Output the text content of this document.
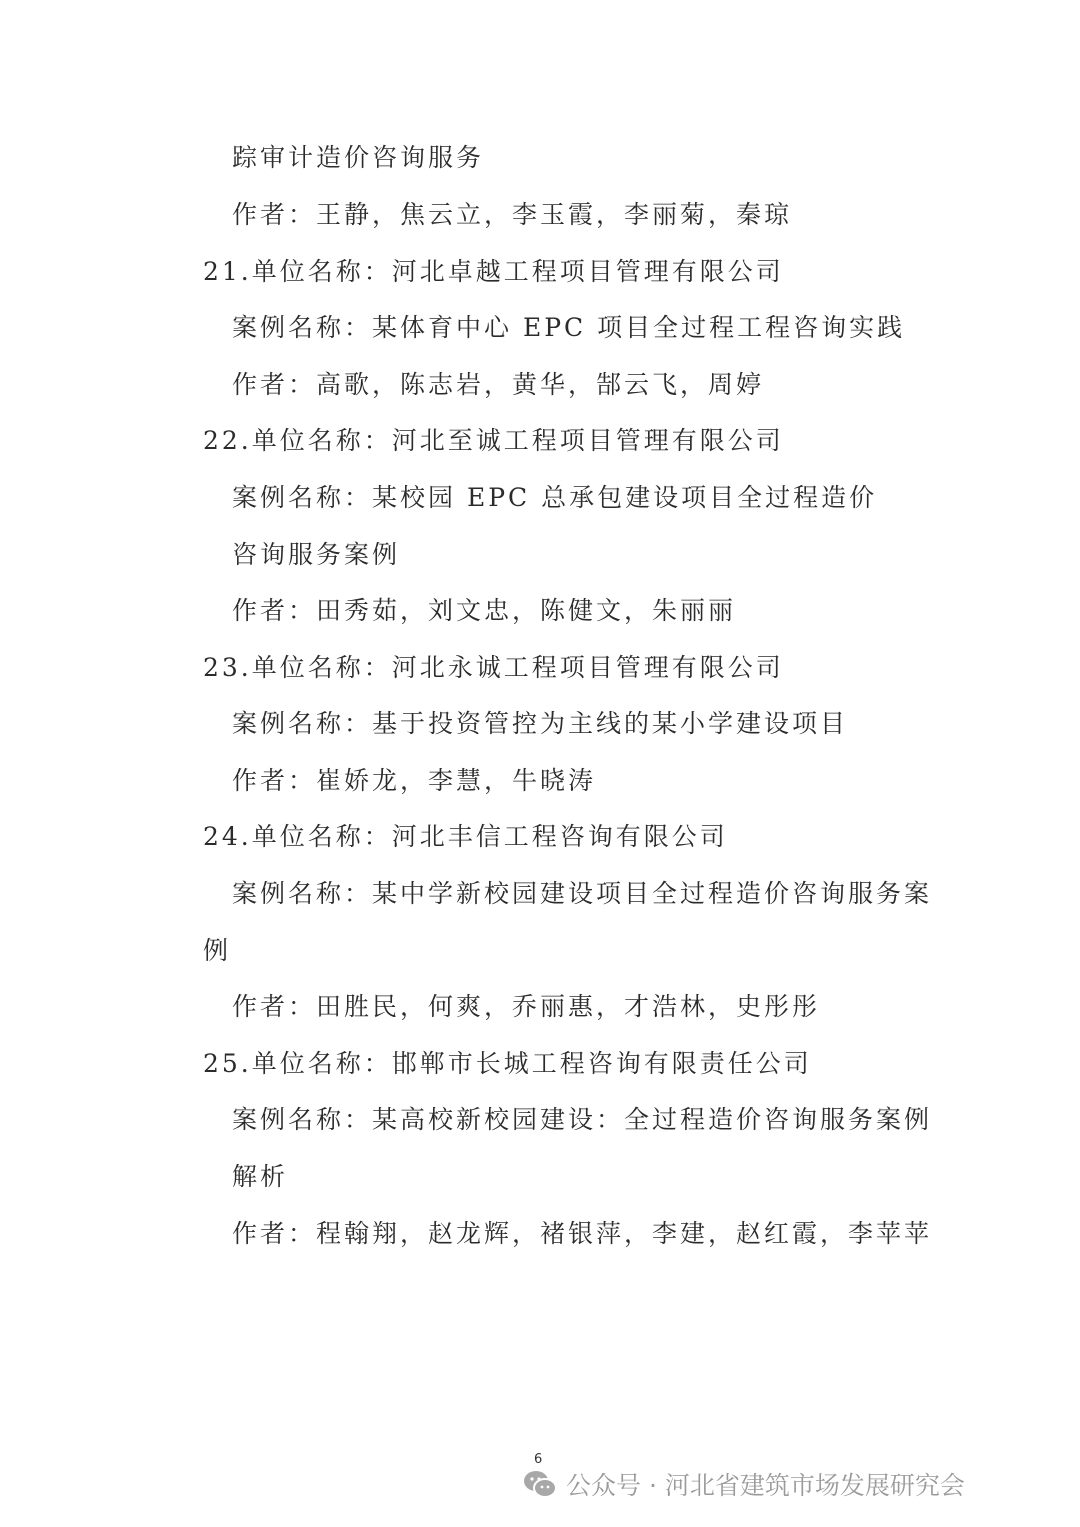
踪审计造价咨询服务

作者：王静，焦云立，李玉霞，李丽菊，秦琼

21.单位名称：河北卓越工程项目管理有限公司

案例名称：某体育中心 EPC 项目全过程工程咨询实践

作者：高歌，陈志岩，黄华，郜云飞，周婷

22.单位名称：河北至诚工程项目管理有限公司

案例名称：某校园 EPC 总承包建设项目全过程造价

咨询服务案例

作者：田秀茹，刘文忠，陈健文，朱丽丽

23.单位名称：河北永诚工程项目管理有限公司

案例名称：基于投资管控为主线的某小学建设项目

作者：崔娇龙，李慧，牛晓涛

24.单位名称：河北丰信工程咨询有限公司

案例名称：某中学新校园建设项目全过程造价咨询服务案

例

作者：田胜民，何爽，乔丽惠，才浩林，史彤彤

25.单位名称：邯郸市长城工程咨询有限责任公司

案例名称：某高校新校园建设：全过程造价咨询服务案例

解析

作者：程翰翔，赵龙辉，褚银萍，李建，赵红霞，李苹苹

6
公众号 · 河北省建筑市场发展研究会
